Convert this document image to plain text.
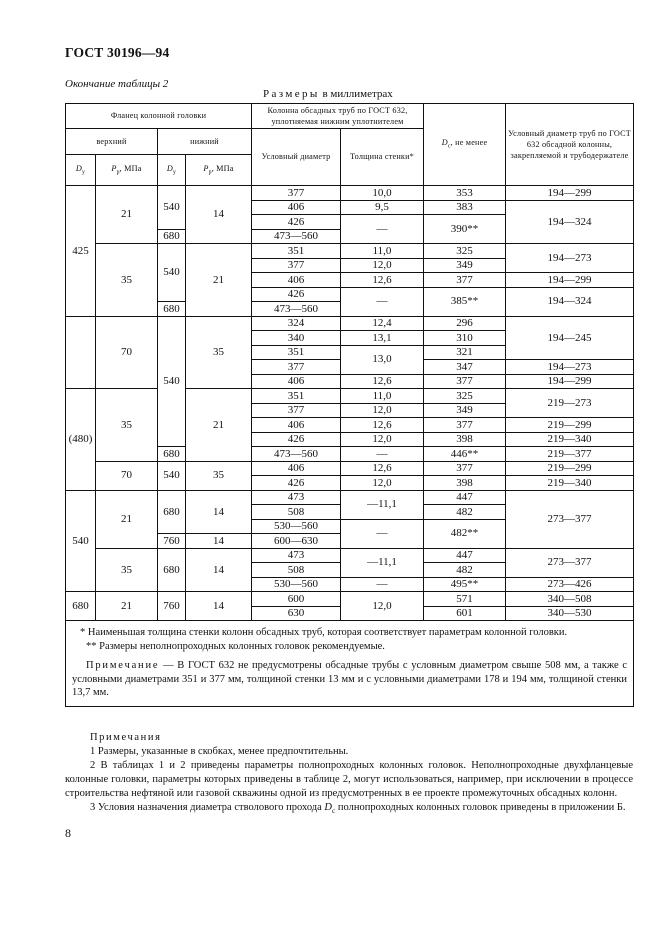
ГОСТ 30196—94
Окончание таблицы 2
Размеры в миллиметрах
Фланец колонной головки				Колонна обсадных труб по ГОСТ 632, уплотняемая нижним уплотнителем		$D_c$, не менее	Условный диаметр труб по ГОСТ 632 обсадной колонны, закрепляемой и трубодержателе
верхний		нижний		Условный диаметр	Толщина стенки*		
$D_y$	$P_p$, МПа	$D_y$	$P_p$, МПа				
425	21	540	14	377	10,0	353	194—299
				406	9,5	383	194—324
				426	—	390**	
		680		473—560			
	35	540	21	351	11,0	325	194—273
				377	12,0	349	
				406	12,6	377	194—299
				426	—	385**	194—324
		680		473—560			
	70	540	35	324	12,4	296	194—245
				340	13,1	310	
				351	13,0	321	
				377		347	194—273
				406	12,6	377	194—299
(480)	35		21	351	11,0	325	219—273
				377	12,0	349	
				406	12,6	377	219—299
				426	12,0	398	219—340
		680		473—560	—	446**	219—377
	70	540	35	406	12,6	377	219—299
				426	12,0	398	219—340
540	21	680	14	473	—11,1	447	273—377
				508		482	
				530—560	—	482**	
		760	14	600—630			
	35	680	14	473	—11,1	447	273—377
				508		482	
				530—560	—	495**	273—426
680	21	760	14	600	12,0	571	340—508
				630		601	340—530

* Наименьшая толщина стенки колонн обсадных труб, которая соответствует параметрам колонной головки.

** Размеры неполнопроходных колонных головок рекомендуемые.

Примечание — В ГОСТ 632 не предусмотрены обсадные трубы с условным диаметром свыше 508 мм, а также с условными диаметрами 351 и 377 мм, толщиной стенки 13 мм и с условными диаметрами 178 и 194 мм, толщиной стенки 13,7 мм.							

Примечания

1 Размеры, указанные в скобках, менее предпочтительны.

2 В таблицах 1 и 2 приведены параметры полнопроходных колонных головок. Неполнопроходные двухфланцевые колонные головки, параметры которых приведены в таблице 2, могут использоваться, например, при исключении в процессе строительства нефтяной или газовой скважины одной из предусмотренных в ее проекте промежуточных обсадных колонн.

3 Условия назначения диаметра стволового прохода $D_c$ полнопроходных колонных головок приведены в приложении Б.

8
